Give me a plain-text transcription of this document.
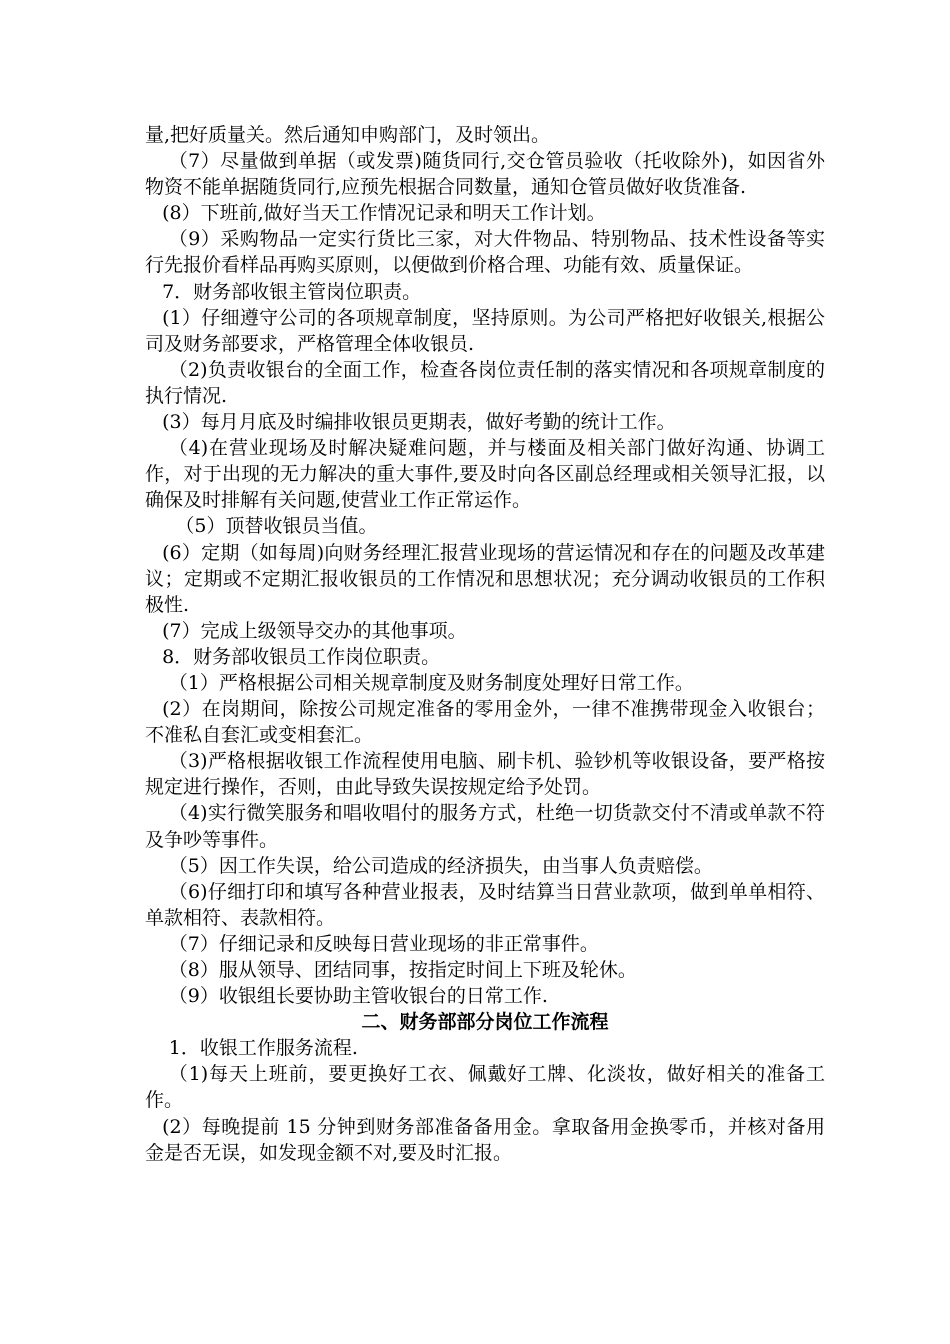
量,把好质量关。然后通知申购部门，及时领出。

（7）尽量做到单据（或发票)随货同行,交仓管员验收（托收除外)，如因省外物资不能单据随货同行,应预先根据合同数量，通知仓管员做好收货准备.

(8）下班前,做好当天工作情况记录和明天工作计划。

（9）采购物品一定实行货比三家，对大件物品、特别物品、技术性设备等实行先报价看样品再购买原则，以便做到价格合理、功能有效、质量保证。

7．财务部收银主管岗位职责。

(1）仔细遵守公司的各项规章制度，坚持原则。为公司严格把好收银关,根据公司及财务部要求，严格管理全体收银员.

（2)负责收银台的全面工作，检查各岗位责任制的落实情况和各项规章制度的执行情况.

(3）每月月底及时编排收银员更期表，做好考勤的统计工作。

（4)在营业现场及时解决疑难问题，并与楼面及相关部门做好沟通、协调工作，对于出现的无力解决的重大事件,要及时向各区副总经理或相关领导汇报，以确保及时排解有关问题,使营业工作正常运作。

（5）顶替收银员当值。

(6）定期（如每周)向财务经理汇报营业现场的营运情况和存在的问题及改革建议；定期或不定期汇报收银员的工作情况和思想状况；充分调动收银员的工作积极性.

(7）完成上级领导交办的其他事项。

8．财务部收银员工作岗位职责。

（1）严格根据公司相关规章制度及财务制度处理好日常工作。

(2）在岗期间，除按公司规定准备的零用金外，一律不准携带现金入收银台；不准私自套汇或变相套汇。

（3)严格根据收银工作流程使用电脑、刷卡机、验钞机等收银设备，要严格按规定进行操作，否则，由此导致失误按规定给予处罚。

（4)实行微笑服务和唱收唱付的服务方式，杜绝一切货款交付不清或单款不符及争吵等事件。

（5）因工作失误，给公司造成的经济损失，由当事人负责赔偿。

（6)仔细打印和填写各种营业报表，及时结算当日营业款项，做到单单相符、单款相符、表款相符。

（7）仔细记录和反映每日营业现场的非正常事件。

（8）服从领导、团结同事，按指定时间上下班及轮休。

（9）收银组长要协助主管收银台的日常工作.

二、财务部部分岗位工作流程

1．收银工作服务流程.

（1)每天上班前，要更换好工衣、佩戴好工牌、化淡妆，做好相关的准备工作。

(2）每晚提前 15 分钟到财务部准备备用金。拿取备用金换零币，并核对备用金是否无误，如发现金额不对,要及时汇报。
